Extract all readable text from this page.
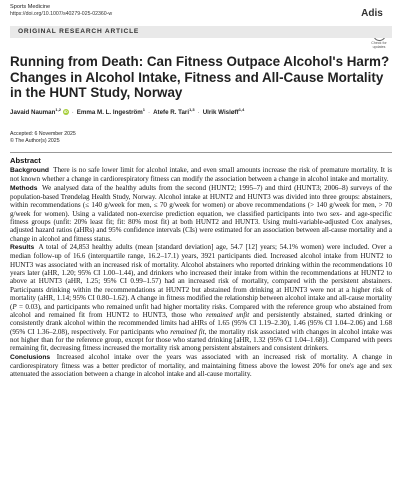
Sports Medicine
https://doi.org/10.1007/s40279-025-02360-w	Adis
Check for updates
ORIGINAL RESEARCH ARTICLE
Running from Death: Can Fitness Outpace Alcohol's Harm? Changes in Alcohol Intake, Fitness and All-Cause Mortality in the HUNT Study, Norway
Javaid Nauman$^{1,2}$ iD · Emma M. L. Ingeström$^1$ · Atefe R. Tari$^{1,3}$ · Ulrik Wisløff$^{1,4}$
Accepted: 6 November 2025
© The Author(s) 2025
Abstract

Background There is no safe lower limit for alcohol intake, and even small amounts increase the risk of premature mortality. It is not known whether a change in cardiorespiratory fitness can modify the association between a change in alcohol intake and mortality.

Methods We analysed data of the healthy adults from the second (HUNT2; 1995–7) and third (HUNT3; 2006–8) surveys of the population-based Trøndelag Health Study, Norway. Alcohol intake at HUNT2 and HUNT3 was divided into three groups: abstainers, within recommendations (≤ 140 g/week for men, ≤ 70 g/week for women) or above recommendations (> 140 g/week for men, > 70 g/week for women). Using a validated non-exercise prediction equation, we classified participants into two sex- and age-specific fitness groups (unfit: 20% least fit; fit: 80% most fit) at both HUNT2 and HUNT3. Using multi-variable-adjusted Cox analyses, adjusted hazard ratios (aHRs) and 95% confidence intervals (CIs) were estimated for an association between all-cause mortality and a change in alcohol and fitness status.

Results A total of 24,853 healthy adults (mean [standard deviation] age, 54.7 [12] years; 54.1% women) were included. Over a median follow-up of 16.6 (interquartile range, 16.2–17.1) years, 3921 participants died. Increased alcohol intake from HUNT2 to HUNT3 was associated with an increased risk of mortality. Alcohol abstainers who reported drinking within the recommendations 10 years later (aHR, 1.20; 95% CI 1.00–1.44), and drinkers who increased their intake from within the recommendations at HUNT2 to above at HUNT3 (aHR, 1.25; 95% CI 0.99–1.57) had an increased risk of mortality, compared with the persistent abstainers. Participants drinking within the recommendations at HUNT2 but abstained from drinking at HUNT3 were not at a higher risk of mortality (aHR, 1.14; 95% CI 0.80–1.62). A change in fitness modified the relationship between alcohol intake and all-cause mortality (P = 0.03), and participants who remained unfit had higher mortality risks. Compared with the reference group who abstained from alcohol and remained fit from HUNT2 to HUNT3, those who remained unfit and persistently abstained, started drinking or consistently drank alcohol within the recommended limits had aHRs of 1.65 (95% CI 1.19–2.30), 1.46 (95% CI 1.04–2.06) and 1.68 (95% CI 1.36–2.08), respectively. For participants who remained fit, the mortality risk associated with changes in alcohol intake was not higher than for the reference group, except for those who started drinking [aHR, 1.32 (95% CI 1.04–1.68)]. Compared with peers remaining fit, decreasing fitness increased the mortality risk among persistent abstainers and consistent drinkers.

Conclusions Increased alcohol intake over the years was associated with an increased risk of mortality. A change in cardiorespiratory fitness was a better predictor of mortality, and maintaining fitness above the lowest 20% for one's age and sex attenuated the association between a change in alcohol intake and all-cause mortality.
